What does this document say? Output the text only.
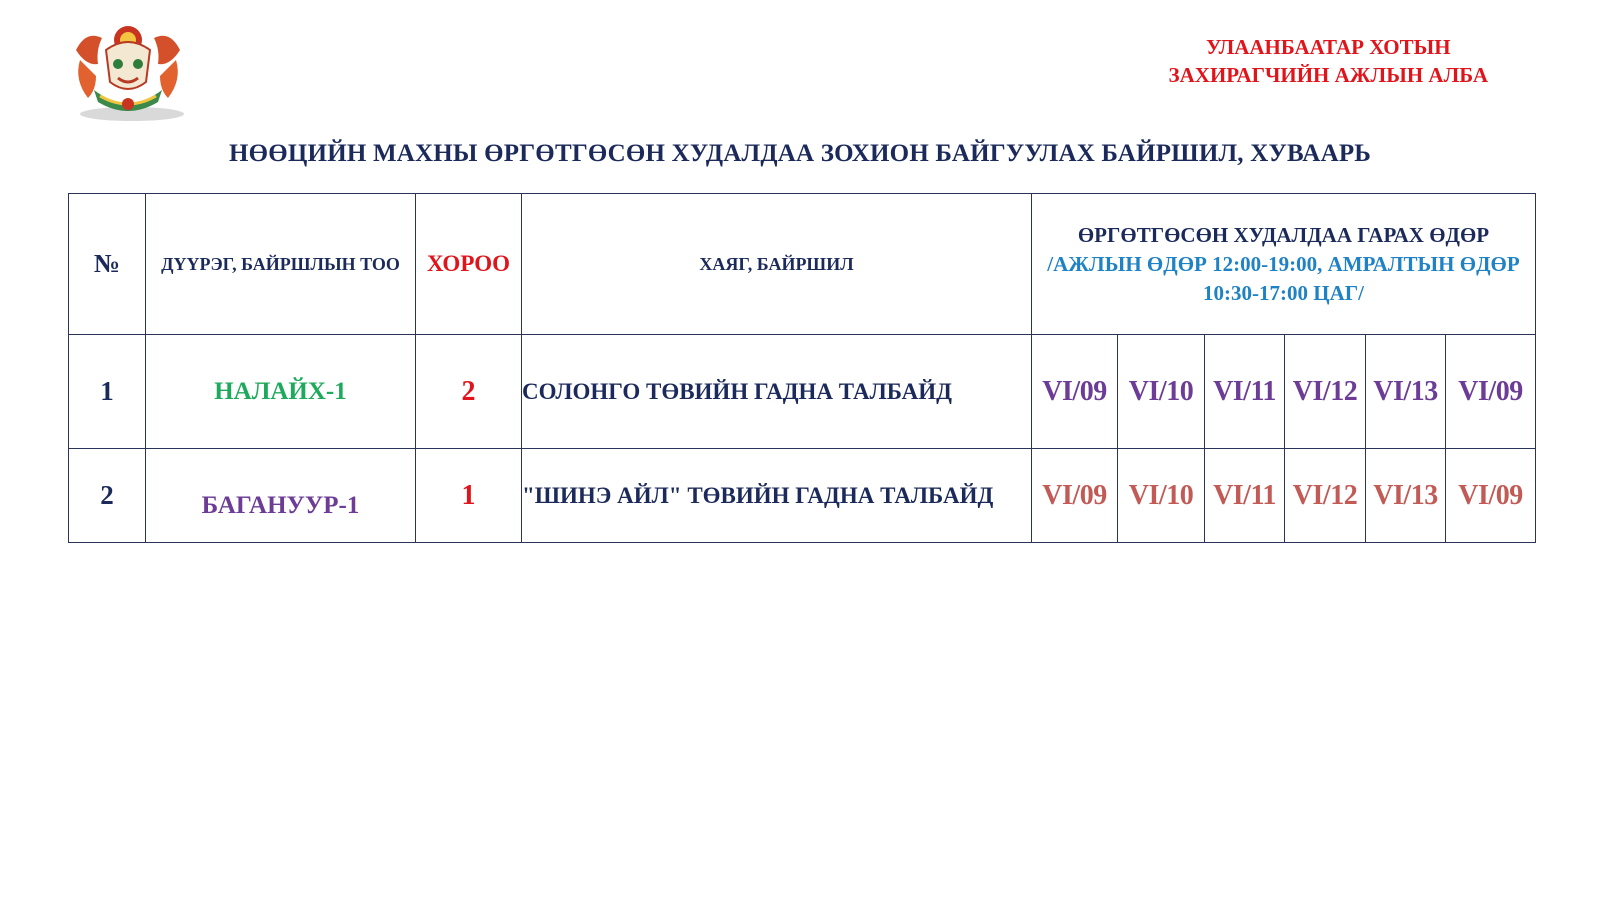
УЛААНБААТАР ХОТЫН
ЗАХИРАГЧИЙН АЖЛЫН АЛБА
НӨӨЦИЙН МАХНЫ ӨРГӨТГӨСӨН ХУДАЛДАА ЗОХИОН БАЙГУУЛАХ БАЙРШИЛ, ХУВААРЬ
№	ДҮҮРЭГ, БАЙРШЛЫН ТОО	ХОРОО	ХАЯГ, БАЙРШИЛ	ӨРГӨТГӨСӨН ХУДАЛДАА ГАРАХ ӨДӨР
/АЖЛЫН ӨДӨР 12:00-19:00, АМРАЛТЫН ӨДӨР 10:30-17:00 ЦАГ/					

1	НАЛАЙХ-1	2	СОЛОНГО ТӨВИЙН ГАДНА ТАЛБАЙД	VI/09	VI/10	VI/11	VI/12	VI/13	VI/09
2	БАГАНУУР-1	1	"ШИНЭ АЙЛ" ТӨВИЙН ГАДНА ТАЛБАЙД	VI/09	VI/10	VI/11	VI/12	VI/13	VI/09
